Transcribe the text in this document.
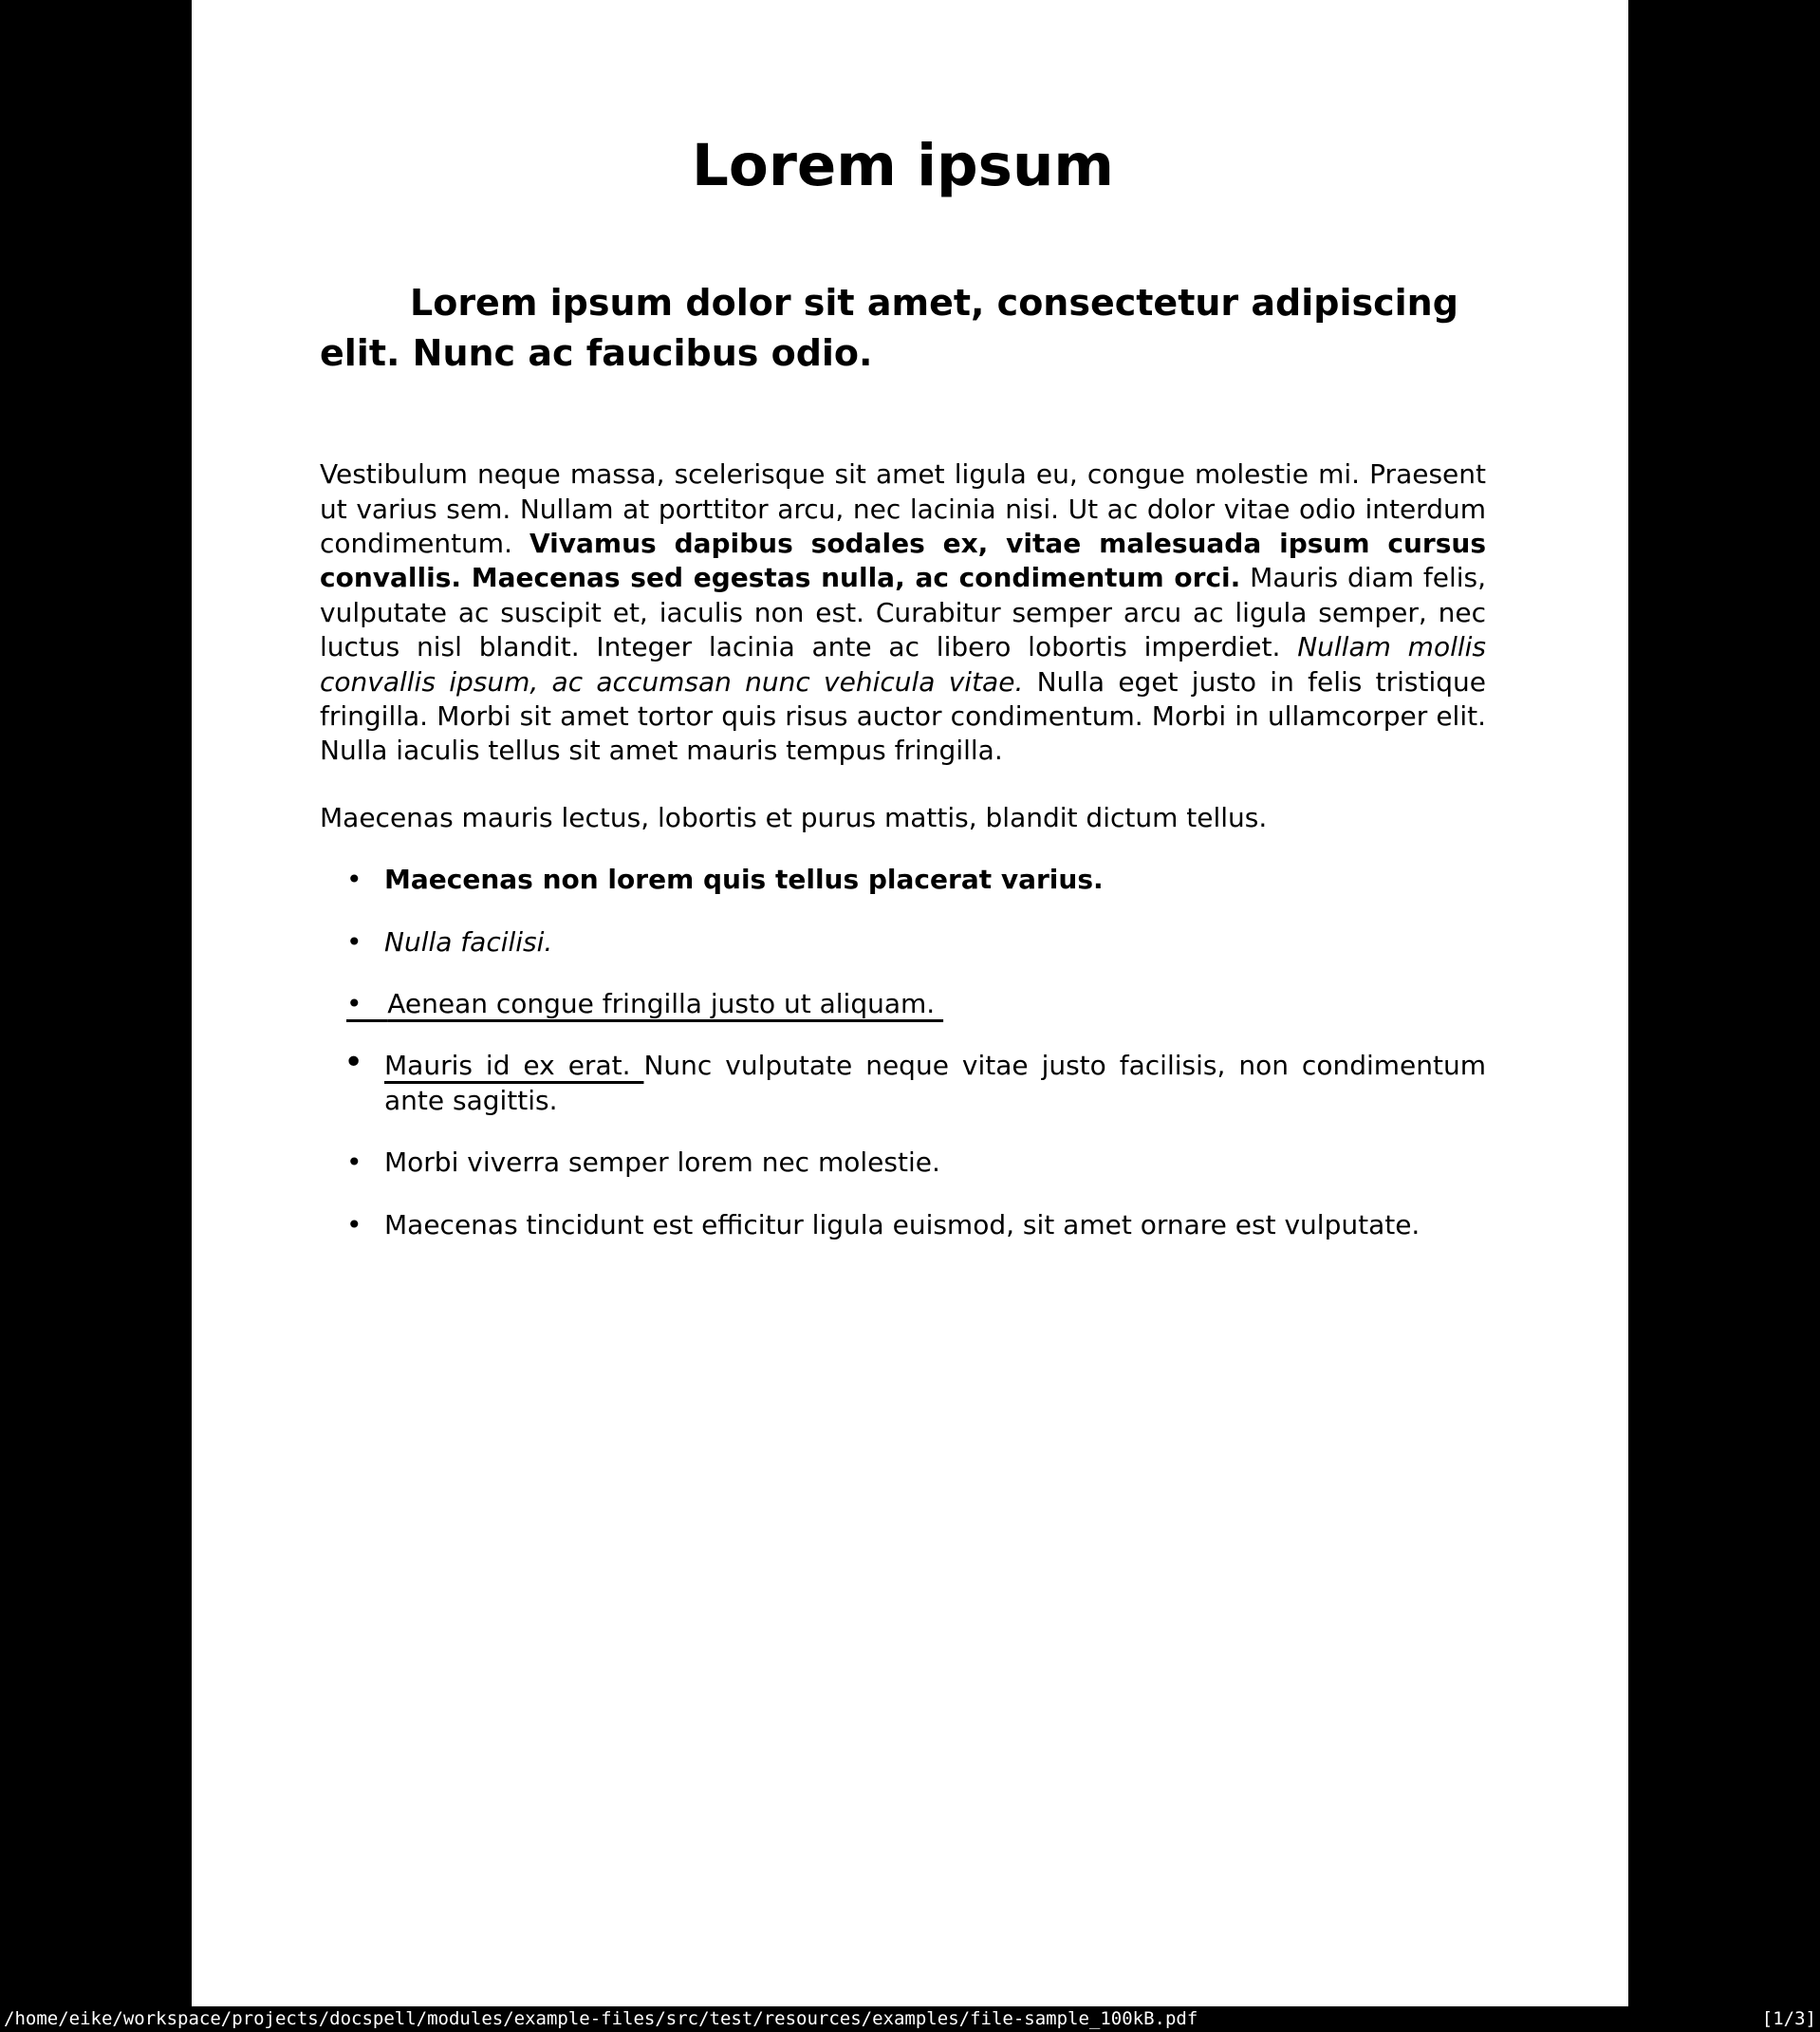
Lorem ipsum
Lorem ipsum dolor sit amet, consectetur adipiscing elit. Nunc ac faucibus odio.

Vestibulum neque massa, scelerisque sit amet ligula eu, congue molestie mi. Praesent ut varius sem. Nullam at porttitor arcu, nec lacinia nisi. Ut ac dolor vitae odio interdum condimentum. Vivamus dapibus sodales ex, vitae malesuada ipsum cursus convallis. Maecenas sed egestas nulla, ac condimentum orci. Mauris diam felis, vulputate ac suscipit et, iaculis non est. Curabitur semper arcu ac ligula semper, nec luctus nisl blandit. Integer lacinia ante ac libero lobortis imperdiet. Nullam mollis convallis ipsum, ac accumsan nunc vehicula vitae. Nulla eget justo in felis tristique fringilla. Morbi sit amet tortor quis risus auctor condimentum. Morbi in ullamcorper elit. Nulla iaculis tellus sit amet mauris tempus fringilla.

Maecenas mauris lectus, lobortis et purus mattis, blandit dictum tellus.

• Maecenas non lorem quis tellus placerat varius.
• Nulla facilisi.
•   Aenean congue fringilla justo ut aliquam.
• Mauris id ex erat. Nunc vulputate neque vitae justo facilisis, non condimentum ante sagittis.
• Morbi viverra semper lorem nec molestie.
• Maecenas tincidunt est efficitur ligula euismod, sit amet ornare est vulputate.
/home/eike/workspace/projects/docspell/modules/example-files/src/test/resources/examples/file-sample_100kB.pdf	[1/3]
